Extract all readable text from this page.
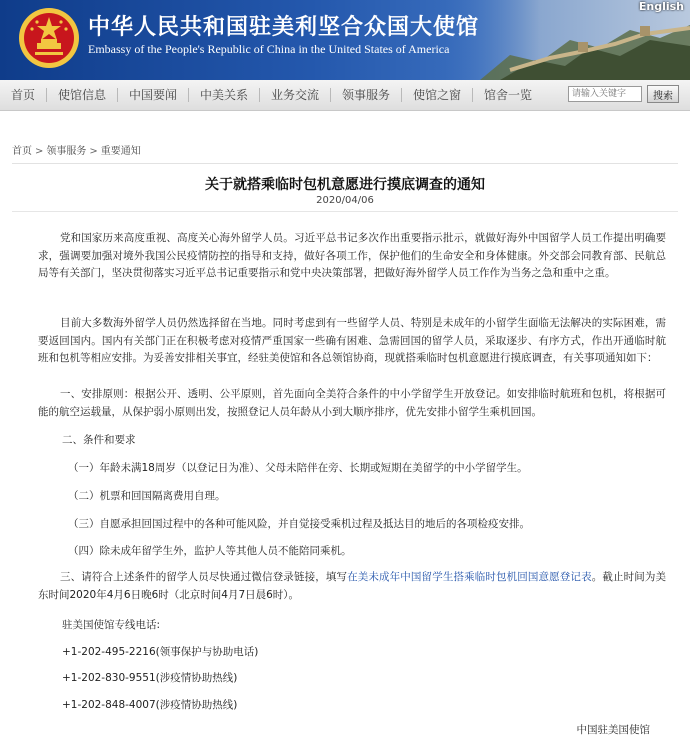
中华人民共和国驻美利坚合众国大使馆
Embassy of the People's Republic of China in the United States of America
English
首页	使馆信息	中国要闻	中美关系	业务交流	领事服务	使馆之窗	馆舍一览
请输入关键字	搜索
首页 > 领事服务 > 重要通知
关于就搭乘临时包机意愿进行摸底调查的通知
2020/04/06

党和国家历来高度重视、高度关心海外留学人员。习近平总书记多次作出重要指示批示，就做好海外中国留学人员工作提出明确要求，强调要加强对境外我国公民疫情防控的指导和支持，做好各项工作，保护他们的生命安全和身体健康。外交部会同教育部、民航总局等有关部门，坚决贯彻落实习近平总书记重要指示和党中央决策部署，把做好海外留学人员工作作为当务之急和重中之重。

目前大多数海外留学人员仍然选择留在当地。同时考虑到有一些留学人员、特别是未成年的小留学生面临无法解决的实际困难，需要返回国内。国内有关部门正在积极考虑对疫情严重国家一些确有困难、急需回国的留学人员，采取逐步、有序方式，作出开通临时航班和包机等相应安排。为妥善安排相关事宜，经驻美使馆和各总领馆协商，现就搭乘临时包机意愿进行摸底调查，有关事项通知如下：

一、安排原则：根据公开、透明、公平原则，首先面向全美符合条件的中小学留学生开放登记。如安排临时航班和包机，将根据可能的航空运载量，从保护弱小原则出发，按照登记人员年龄从小到大顺序排序，优先安排小留学生乘机回国。

二、条件和要求

（一）年龄未满18周岁（以登记日为准）、父母未陪伴在旁、长期或短期在美留学的中小学留学生。

（二）机票和回国隔离费用自理。

（三）自愿承担回国过程中的各种可能风险，并自觉接受乘机过程及抵达目的地后的各项检疫安排。

（四）除未成年留学生外，监护人等其他人员不能陪同乘机。

三、请符合上述条件的留学人员尽快通过微信登录链接，填写在美未成年中国留学生搭乘临时包机回国意愿登记表。截止时间为美东时间2020年4月6日晚6时（北京时间4月7日晨6时）。

驻美国使馆专线电话:

+1-202-495-2216(领事保护与协助电话)

+1-202-830-9551(涉疫情协助热线)

+1-202-848-4007(涉疫情协助热线)

中国驻美国使馆
